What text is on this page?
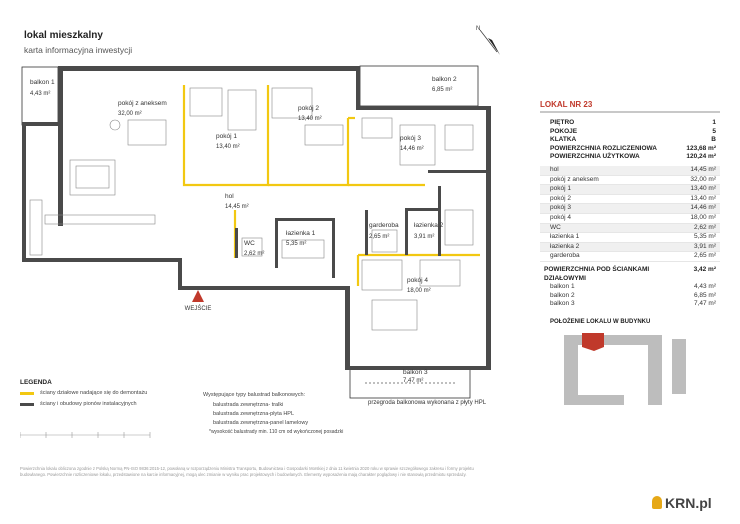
lokal mieszkalny
karta informacyjna inwestycji
N
WEJŚCIE
balkon 1
4,43 m²
pokój z aneksem
32,00 m²
pokój 1
13,40 m²
pokój 2
13,40 m²
balkon 2
6,85 m²
pokój 3
14,46 m²
hol
14,45 m²
łazienka 1
5,35 m²
garderoba
2,65 m²
łazienka 2
3,91 m²
WC
2,62 m²
pokój 4
18,00 m²
balkon 3
7,47 m²
przegroda balkonowa wykonana z płyty HPL
LOKAL NR 23
PIĘTRO	1
POKOJE	5
KLATKA	B
POWIERZCHNIA ROZLICZENIOWA	123,68 m²
POWIERZCHNIA UŻYTKOWA	120,24 m²
hol	14,45 m²
pokój z aneksem	32,00 m²
pokój 1	13,40 m²
pokój 2	13,40 m²
pokój 3	14,46 m²
pokój 4	18,00 m²
WC	2,62 m²
łazienka 1	5,35 m²
łazienka 2	3,91 m²
garderoba	2,65 m²
POWIERZCHNIA POD ŚCIANKAMI DZIAŁOWYMI
3,42 m²
balkon 1	4,43 m²
balkon 2	6,85 m²
balkon 3	7,47 m²
POŁOŻENIE LOKALU W BUDYNKU
LEGENDA
ściany działowe nadające się do demontażu
ściany i obudowy pionów instalacyjnych
Występujące typy balustrad balkonowych:
balustrada zewnętrzna- tralki
balustrada zewnętrzna-płyta HPL
balustrada zewnętrzna-panel lamelowy
*wysokość balustrady min. 110 cm od wykończonej posadzki
Powierzchnia lokalu obliczona zgodnie z Polską Normą PN-ISO 9836:2015-12, powołaną w rozporządzeniu Ministra Transportu, Budownictwa i Gospodarki Morskiej z dnia 11 kwietnia 2020 roku w sprawie szczegółowego zakresu i formy projektu budowlanego. Powierzchnie rozliczeniowe lokalu, przedstawione na karcie informacyjnej, mogą ulec zmianie w wyniku prac projektowych i budowlanych. Elementy wyposażenia mają charakter poglądowy i nie stanowią przedmiotu sprzedaży.
KRN.pl
